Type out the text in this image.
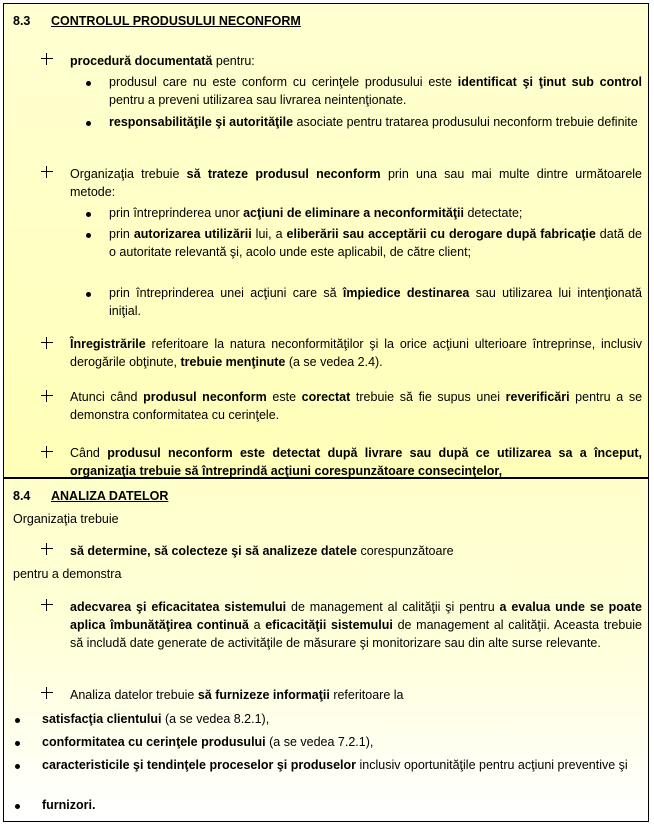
8.3 CONTROLUL PRODUSULUI NECONFORM
procedură documentată pentru:
produsul care nu este conform cu cerinţele produsului este identificat şi ţinut sub control pentru a preveni utilizarea sau livrarea neintenţionate.
responsabilităţile şi autorităţile asociate pentru tratarea produsului neconform trebuie definite
Organizaţia trebuie să trateze produsul neconform prin una sau mai multe dintre următoarele metode:
prin întreprinderea unor acţiuni de eliminare a neconformităţii detectate;
prin autorizarea utilizării lui, a eliberării sau acceptării cu derogare după fabricaţie dată de o autoritate relevantă şi, acolo unde este aplicabil, de către client;
prin întreprinderea unei acţiuni care să împiedice destinarea sau utilizarea lui intenţionată iniţial.
Înregistrările referitoare la natura neconformităţilor şi la orice acţiuni ulterioare întreprinse, inclusiv derogările obţinute, trebuie menţinute (a se vedea 2.4).
Atunci când produsul neconform este corectat trebuie să fie supus unei reverificări pentru a se demonstra conformitatea cu cerinţele.
Când produsul neconform este detectat după livrare sau după ce utilizarea sa a început, organizaţia trebuie să întreprindă acţiuni corespunzătoare consecinţelor,
8.4 ANALIZA DATELOR
Organizaţia trebuie
să determine, să colecteze şi să analizeze datele corespunzătoare
pentru a demonstra
adecvarea şi eficacitatea sistemului de management al calităţii şi pentru a evalua unde se poate aplica îmbunătăţirea continuă a eficacităţii sistemului de management al calităţii. Aceasta trebuie să includă date generate de activităţile de măsurare şi monitorizare sau din alte surse relevante.
Analiza datelor trebuie să furnizeze informaţii referitoare la
satisfacţia clientului (a se vedea 8.2.1),
conformitatea cu cerinţele produsului (a se vedea 7.2.1),
caracteristicile şi tendinţele proceselor şi produselor inclusiv oportunităţile pentru acţiuni preventive şi
furnizori.
